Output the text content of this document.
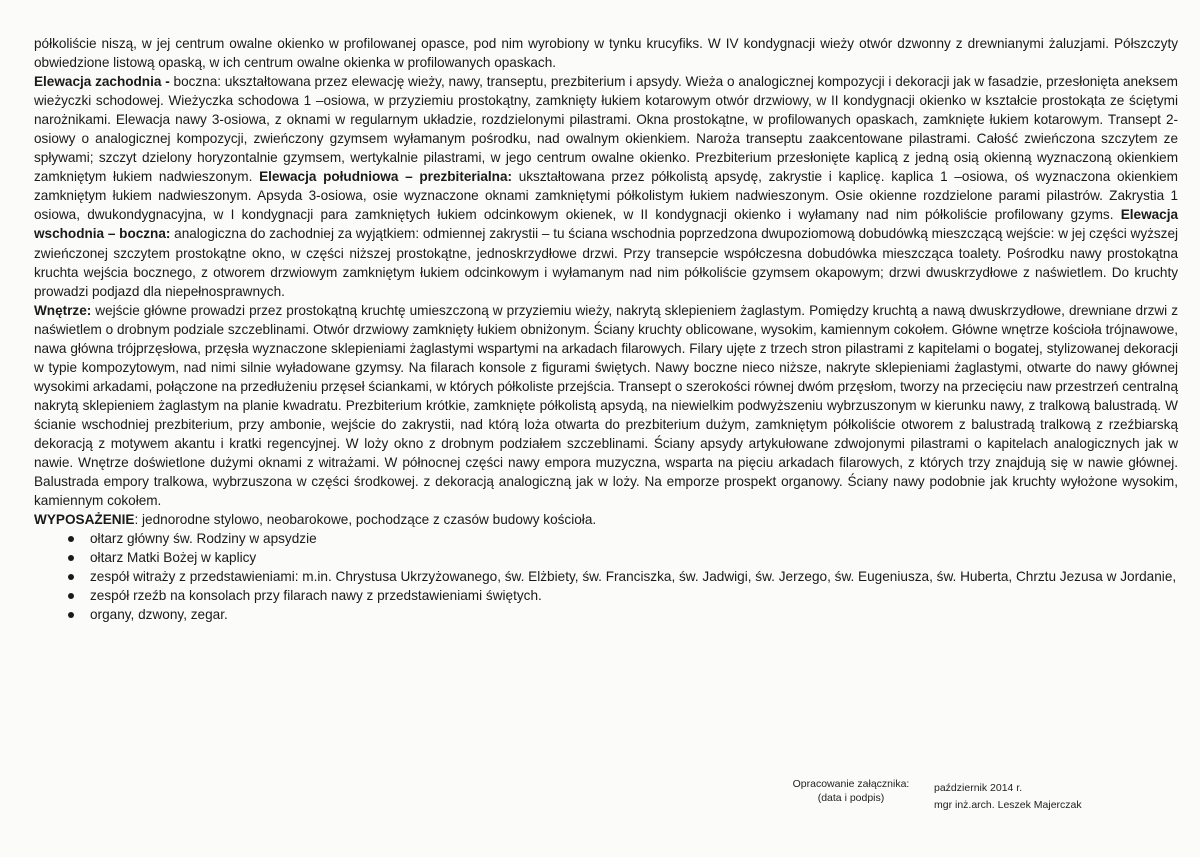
półkoliście niszą, w jej centrum owalne okienko w profilowanej opasce, pod nim wyrobiony w tynku krucyfiks. W IV kondygnacji wieży otwór dzwonny z drewnianymi żaluzjami. Półszczyty obwiedzione listową opaską, w ich centrum owalne okienka w profilowanych opaskach.

Elewacja zachodnia - boczna: ukształtowana przez elewację wieży, nawy, transeptu, prezbiterium i apsydy. Wieża o analogicznej kompozycji i dekoracji jak w fasadzie, przesłonięta aneksem wieżyczki schodowej. Wieżyczka schodowa 1 –osiowa, w przyziemiu prostokątny, zamknięty łukiem kotarowym otwór drzwiowy, w II kondygnacji okienko w kształcie prostokąta ze ściętymi narożnikami. Elewacja nawy 3-osiowa, z oknami w regularnym układzie, rozdzielonymi pilastrami. Okna prostokątne, w profilowanych opaskach, zamknięte łukiem kotarowym. Transept 2-osiowy o analogicznej kompozycji, zwieńczony gzymsem wyłamanym pośrodku, nad owalnym okienkiem. Naroża transeptu zaakcentowane pilastrami. Całość zwieńczona szczytem ze spływami; szczyt dzielony horyzontalnie gzymsem, wertykalnie pilastrami, w jego centrum owalne okienko. Prezbiterium przesłonięte kaplicą z jedną osią okienną wyznaczoną okienkiem zamkniętym łukiem nadwieszonym. Elewacja południowa – prezbiterialna: ukształtowana przez półkolistą apsydę, zakrystie i kaplicę. kaplica 1 –osiowa, oś wyznaczona okienkiem zamkniętym łukiem nadwieszonym. Apsyda 3-osiowa, osie wyznaczone oknami zamkniętymi półkolistym łukiem nadwieszonym. Osie okienne rozdzielone parami pilastrów. Zakrystia 1 osiowa, dwukondygnacyjna, w I kondygnacji para zamkniętych łukiem odcinkowym okienek, w II kondygnacji okienko i wyłamany nad nim półkoliście profilowany gzyms. Elewacja wschodnia – boczna: analogiczna do zachodniej za wyjątkiem: odmiennej zakrystii – tu ściana wschodnia poprzedzona dwupoziomową dobudówką mieszczącą wejście: w jej części wyższej zwieńczonej szczytem prostokątne okno, w części niższej prostokątne, jednoskrzydłowe drzwi. Przy transepcie współczesna dobudówka mieszcząca toalety. Pośrodku nawy prostokątna kruchta wejścia bocznego, z otworem drzwiowym zamkniętym łukiem odcinkowym i wyłamanym nad nim półkoliście gzymsem okapowym; drzwi dwuskrzydłowe z naświetlem. Do kruchty prowadzi podjazd dla niepełnosprawnych.

Wnętrze: wejście główne prowadzi przez prostokątną kruchtę umieszczoną w przyziemiu wieży, nakrytą sklepieniem żaglastym. Pomiędzy kruchtą a nawą dwuskrzydłowe, drewniane drzwi z naświetlem o drobnym podziale szczeblinami. Otwór drzwiowy zamknięty łukiem obniżonym. Ściany kruchty oblicowane, wysokim, kamiennym cokołem. Główne wnętrze kościoła trójnawowe, nawa główna trójprzęsłowa, przęsła wyznaczone sklepieniami żaglastymi wspartymi na arkadach filarowych. Filary ujęte z trzech stron pilastrami z kapitelami o bogatej, stylizowanej dekoracji w typie kompozytowym, nad nimi silnie wyładowane gzymsy. Na filarach konsole z figurami świętych. Nawy boczne nieco niższe, nakryte sklepieniami żaglastymi, otwarte do nawy głównej wysokimi arkadami, połączone na przedłużeniu przęseł ściankami, w których półkoliste przejścia. Transept o szerokości równej dwóm przęsłom, tworzy na przecięciu naw przestrzeń centralną nakrytą sklepieniem żaglastym na planie kwadratu. Prezbiterium krótkie, zamknięte półkolistą apsydą, na niewielkim podwyższeniu wybrzuszonym w kierunku nawy, z tralkową balustradą. W ścianie wschodniej prezbiterium, przy ambonie, wejście do zakrystii, nad którą loża otwarta do prezbiterium dużym, zamkniętym półkoliście otworem z balustradą tralkową z rzeźbiarską dekoracją z motywem akantu i kratki regencyjnej. W loży okno z drobnym podziałem szczeblinami. Ściany apsydy artykułowane zdwojonymi pilastrami o kapitelach analogicznych jak w nawie. Wnętrze doświetlone dużymi oknami z witrażami. W północnej części nawy empora muzyczna, wsparta na pięciu arkadach filarowych, z których trzy znajdują się w nawie głównej. Balustrada empory tralkowa, wybrzuszona w części środkowej. z dekoracją analogiczną jak w loży. Na emporze prospekt organowy. Ściany nawy podobnie jak kruchty wyłożone wysokim, kamiennym cokołem.

WYPOSAŻENIE: jednorodne stylowo, neobarokowe, pochodzące z czasów budowy kościoła.

ołtarz główny św. Rodziny w apsydzie
ołtarz Matki Bożej w kaplicy
zespół witraży z przedstawieniami: m.in. Chrystusa Ukrzyżowanego, św. Elżbiety, św. Franciszka, św. Jadwigi, św. Jerzego, św. Eugeniusza, św. Huberta, Chrztu Jezusa w Jordanie,
zespół rzeźb na konsolach przy filarach nawy z przedstawieniami świętych.
organy, dzwony, zegar.
Opracowanie załącznika:
(data i podpis)
październik 2014 r.
mgr inż.arch. Leszek Majerczak
